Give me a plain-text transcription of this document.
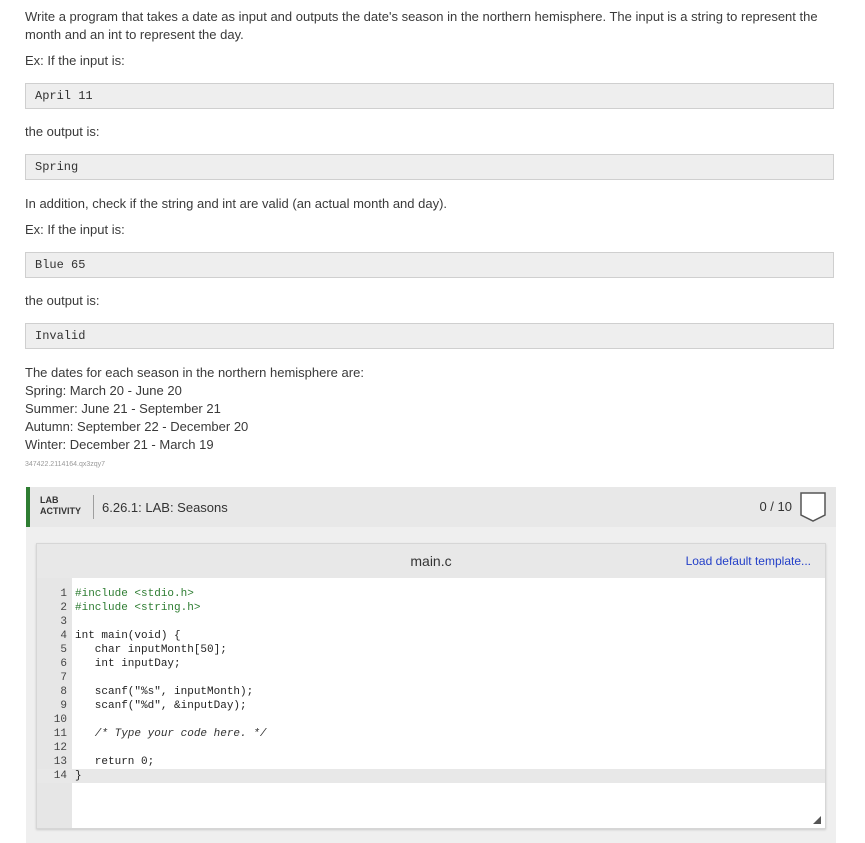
Write a program that takes a date as input and outputs the date's season in the northern hemisphere. The input is a string to represent the
month and an int to represent the day.
Ex: If the input is:
April 11
the output is:
Spring
In addition, check if the string and int are valid (an actual month and day).
Ex: If the input is:
Blue 65
the output is:
Invalid
The dates for each season in the northern hemisphere are:
Spring: March 20 - June 20
Summer: June 21 - September 21
Autumn: September 22 - December 20
Winter: December 21 - March 19
347422.2114164.qx3zqy7
LAB
ACTIVITY 6.26.1: LAB: Seasons	0 / 10
main.c	Load default template...
1 #include <stdio.h>
2 #include <string.h>
3
4 int main(void) {
5 char inputMonth[50];
6 int inputDay;
7
8 scanf("%s", inputMonth);
9 scanf("%d", &inputDay);
10
11 /* Type your code here. */
12
13 return 0;
14 }
